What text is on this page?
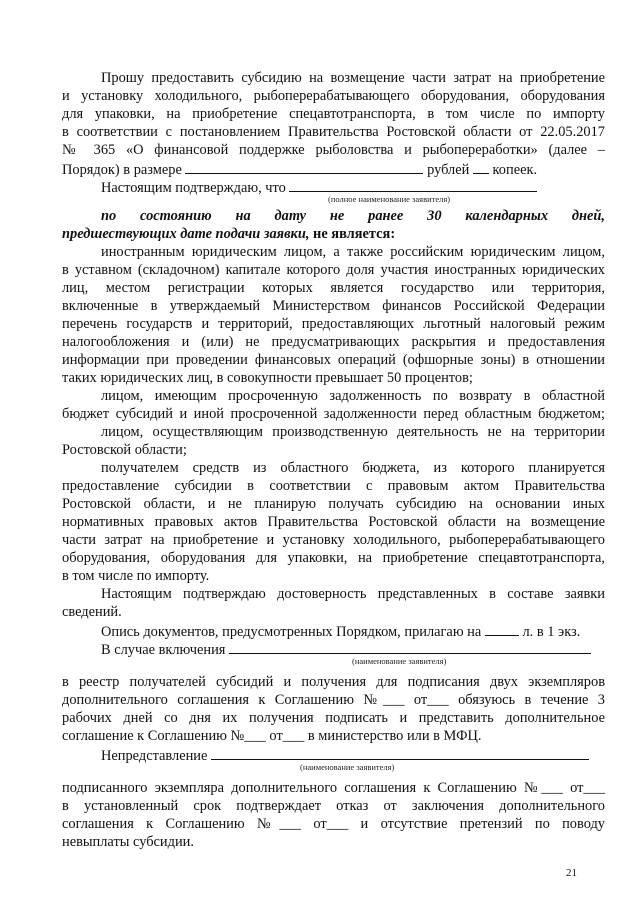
Прошу предоставить субсидию на возмещение части затрат на приобретение
и установку холодильного, рыбоперерабатывающего оборудования, оборудования
для упаковки, на приобретение спецавтотранспорта, в том числе по импорту
в соответствии с постановлением Правительства Ростовской области от 22.05.2017
№ 365 «О финансовой поддержке рыболовства и рыбопереработки» (далее –
Порядок) в размере	рублей копеек.
Настоящим подтверждаю, что
(полное наименование заявителя)
по состоянию на дату не ранее 30 календарных дней,
предшествующих дате подачи заявки, не является:
иностранным юридическим лицом, а также российским юридическим лицом,
в уставном (складочном) капитале которого доля участия иностранных юридических
лиц, местом регистрации которых является государство или территория,
включенные в утверждаемый Министерством финансов Российской Федерации
перечень государств и территорий, предоставляющих льготный налоговый режим
налогообложения и (или) не предусматривающих раскрытия и предоставления
информации при проведении финансовых операций (офшорные зоны) в отношении
таких юридических лиц, в совокупности превышает 50 процентов;
лицом, имеющим просроченную задолженность по возврату в областной
бюджет субсидий и иной просроченной задолженности перед областным бюджетом;
лицом, осуществляющим производственную деятельность не на территории
Ростовской области;
получателем средств из областного бюджета, из которого планируется
предоставление субсидии в соответствии с правовым актом Правительства
Ростовской области, и не планирую получать субсидию на основании иных
нормативных правовых актов Правительства Ростовской области на возмещение
части затрат на приобретение и установку холодильного, рыбоперерабатывающего
оборудования, оборудования для упаковки, на приобретение спецавтотранспорта,
в том числе по импорту.
Настоящим подтверждаю достоверность представленных в составе заявки
сведений.
Опись документов, предусмотренных Порядком, прилагаю на	л. в 1 экз.
В случае включения
(наименование заявителя)
в реестр получателей субсидий и получения для подписания двух экземпляров
дополнительного соглашения к Соглашению №___ от___ обязуюсь в течение 3
рабочих дней со дня их получения подписать и представить дополнительное
соглашение к Соглашению №___ от___ в министерство или в МФЦ.
Непредставление
(наименование заявителя)
подписанного экземпляра дополнительного соглашения к Соглашению №___ от___
в установленный срок подтверждает отказ от заключения дополнительного
соглашения к Соглашению №___ от___ и отсутствие претензий по поводу
невыплаты субсидии.
21
